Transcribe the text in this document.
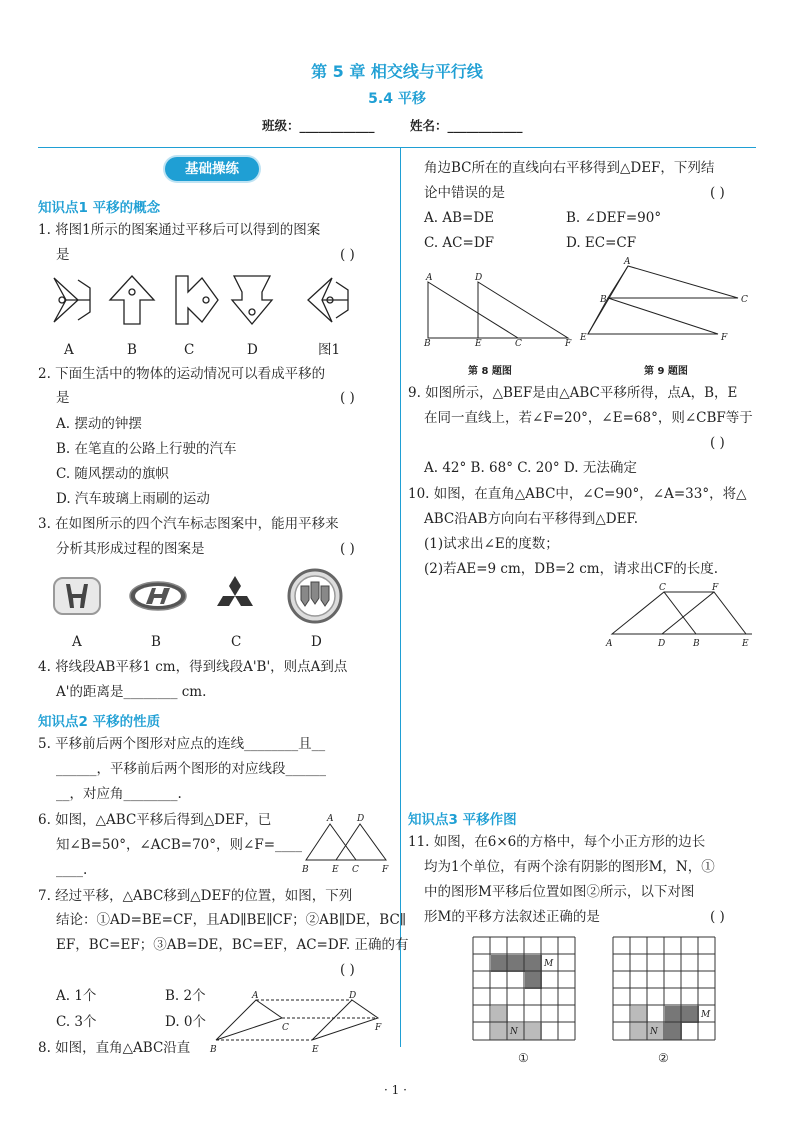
第 5 章 相交线与平行线
5.4 平移
班级：____________	姓名：____________
基础操练
知识点1 平移的概念
1. 将图1所示的图案通过平移后可以得到的图案
是	( )
A	B	C	D	图1
2. 下面生活中的物体的运动情况可以看成平移的
是	( )
A. 摆动的钟摆
B. 在笔直的公路上行驶的汽车
C. 随风摆动的旗帜
D. 汽车玻璃上雨刷的运动
3. 在如图所示的四个汽车标志图案中，能用平移来
分析其形成过程的图案是	( )
A	B	C	D
4. 将线段AB平移1 cm，得到线段A'B'，则点A到点
A'的距离是________ cm.
知识点2 平移的性质
5. 平移前后两个图形对应点的连线________且__
______，平移前后两个图形的对应线段______
__，对应角________.
6. 如图，△ABC平移后得到△DEF，已
知∠B=50°，∠ACB=70°，则∠F=____
____.
A	D
B	E C	F
7. 经过平移，△ABC移到△DEF的位置，如图，下列
结论：①AD=BE=CF，且AD∥BE∥CF；②AB∥DE，BC∥
EF，BC=EF；③AB=DE，BC=EF，AC=DF. 正确的有
( )
A. 1个	B. 2个
C. 3个	D. 0个
A	D
B	E
C	F
8. 如图，直角△ABC沿直
角边BC所在的直线向右平移得到△DEF，下列结
论中错误的是	( )
A. AB=DE	B. ∠DEF=90°
C. AC=DF	D. EC=CF
A	D
B	E	C	F
第 8 题图
A
B	C
E	F
第 9 题图
9. 如图所示，△BEF是由△ABC平移所得，点A，B，E
在同一直线上，若∠F=20°，∠E=68°，则∠CBF等于
( )
A. 42° B. 68° C. 20° D. 无法确定
10. 如图，在直角△ABC中，∠C=90°，∠A=33°，将△
ABC沿AB方向向右平移得到△DEF.
(1)试求出∠E的度数；
(2)若AE=9 cm，DB=2 cm，请求出CF的长度.
C	F
A	D	B	E
知识点3 平移作图
11. 如图，在6×6的方格中，每个小正方形的边长
均为1个单位，有两个涂有阴影的图形M，N，①
中的图形M平移后位置如图②所示，以下对图
形M的平移方法叙述正确的是	( )
M
N
①
M
N
②
· 1 ·
